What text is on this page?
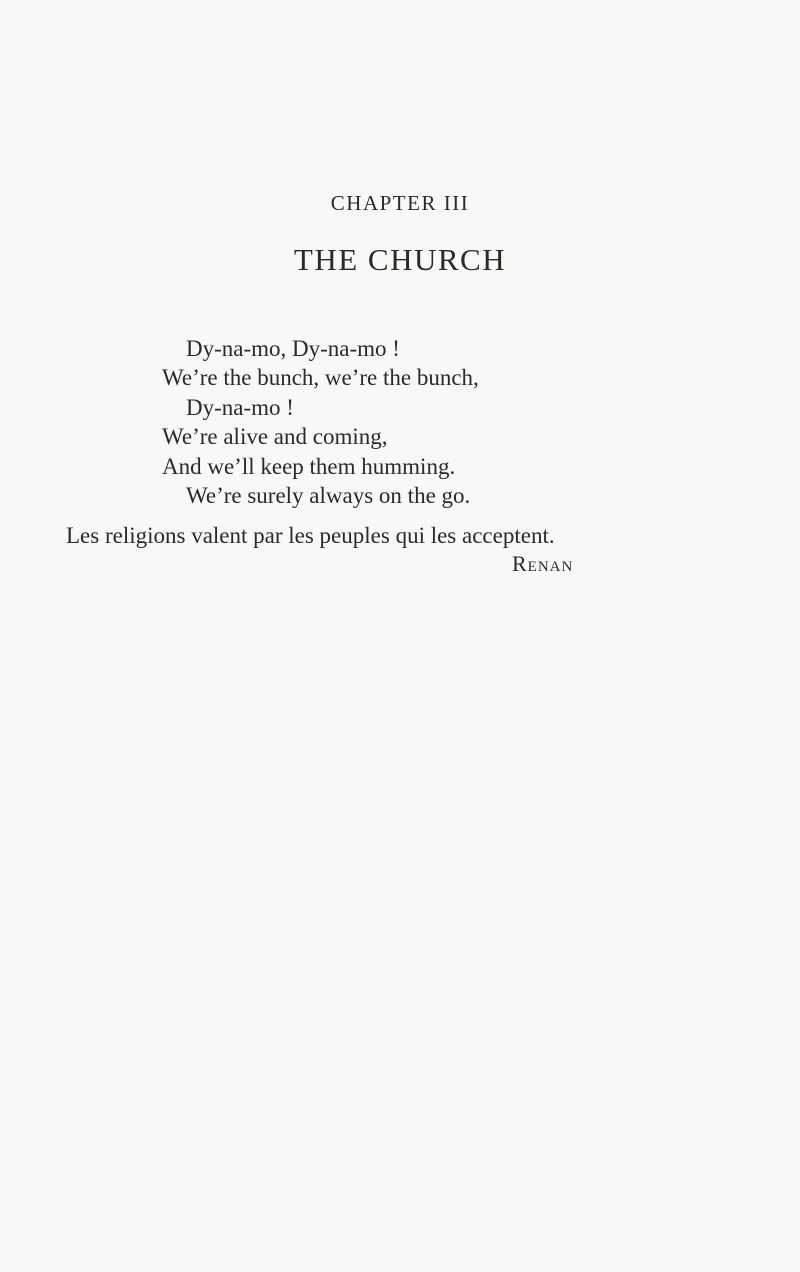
CHAPTER III
THE CHURCH
Dy-na-mo, Dy-na-mo !
We’re the bunch, we’re the bunch,
Dy-na-mo !
We’re alive and coming,
And we’ll keep them humming.
We’re surely always on the go.
Les religions valent par les peuples qui les acceptent.
Renan
